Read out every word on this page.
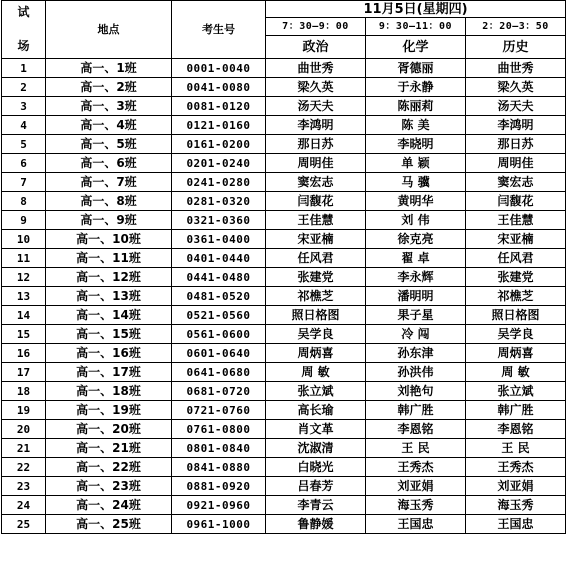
试
场	地点	考生号	11月5日(星期四)		
			7：30—9：00	9：30—11：00	2：20—3：50
			政治	化学	历史
1	高一、1班	0001-0040	曲世秀	胥德丽	曲世秀
2	高一、2班	0041-0080	梁久英	于永静	梁久英
3	高一、3班	0081-0120	汤天夫	陈丽莉	汤天夫
4	高一、4班	0121-0160	李鸿明	陈 美	李鸿明
5	高一、5班	0161-0200	那日苏	李晓明	那日苏
6	高一、6班	0201-0240	周明佳	单 颖	周明佳
7	高一、7班	0241-0280	窦宏志	马 骥	窦宏志
8	高一、8班	0281-0320	闫馥花	黄明华	闫馥花
9	高一、9班	0321-0360	王佳慧	刘 伟	王佳慧
10	高一、10班	0361-0400	宋亚楠	徐克亮	宋亚楠
11	高一、11班	0401-0440	任风君	翟 卓	任风君
12	高一、12班	0441-0480	张建党	李永辉	张建党
13	高一、13班	0481-0520	祁樵芝	潘明明	祁樵芝
14	高一、14班	0521-0560	照日格图	果子星	照日格图
15	高一、15班	0561-0600	吴学良	冷 闯	吴学良
16	高一、16班	0601-0640	周炳喜	孙东津	周炳喜
17	高一、17班	0641-0680	周 敏	孙洪伟	周 敏
18	高一、18班	0681-0720	张立斌	刘艳句	张立斌
19	高一、19班	0721-0760	高长瑜	韩广胜	韩广胜
20	高一、20班	0761-0800	肖文革	李恩铭	李恩铭
21	高一、21班	0801-0840	沈淑清	王 民	王 民
22	高一、22班	0841-0880	白晓光	王秀杰	王秀杰
23	高一、23班	0881-0920	吕春芳	刘亚娟	刘亚娟
24	高一、24班	0921-0960	李青云	海玉秀	海玉秀
25	高一、25班	0961-1000	鲁静媛	王国忠	王国忠
